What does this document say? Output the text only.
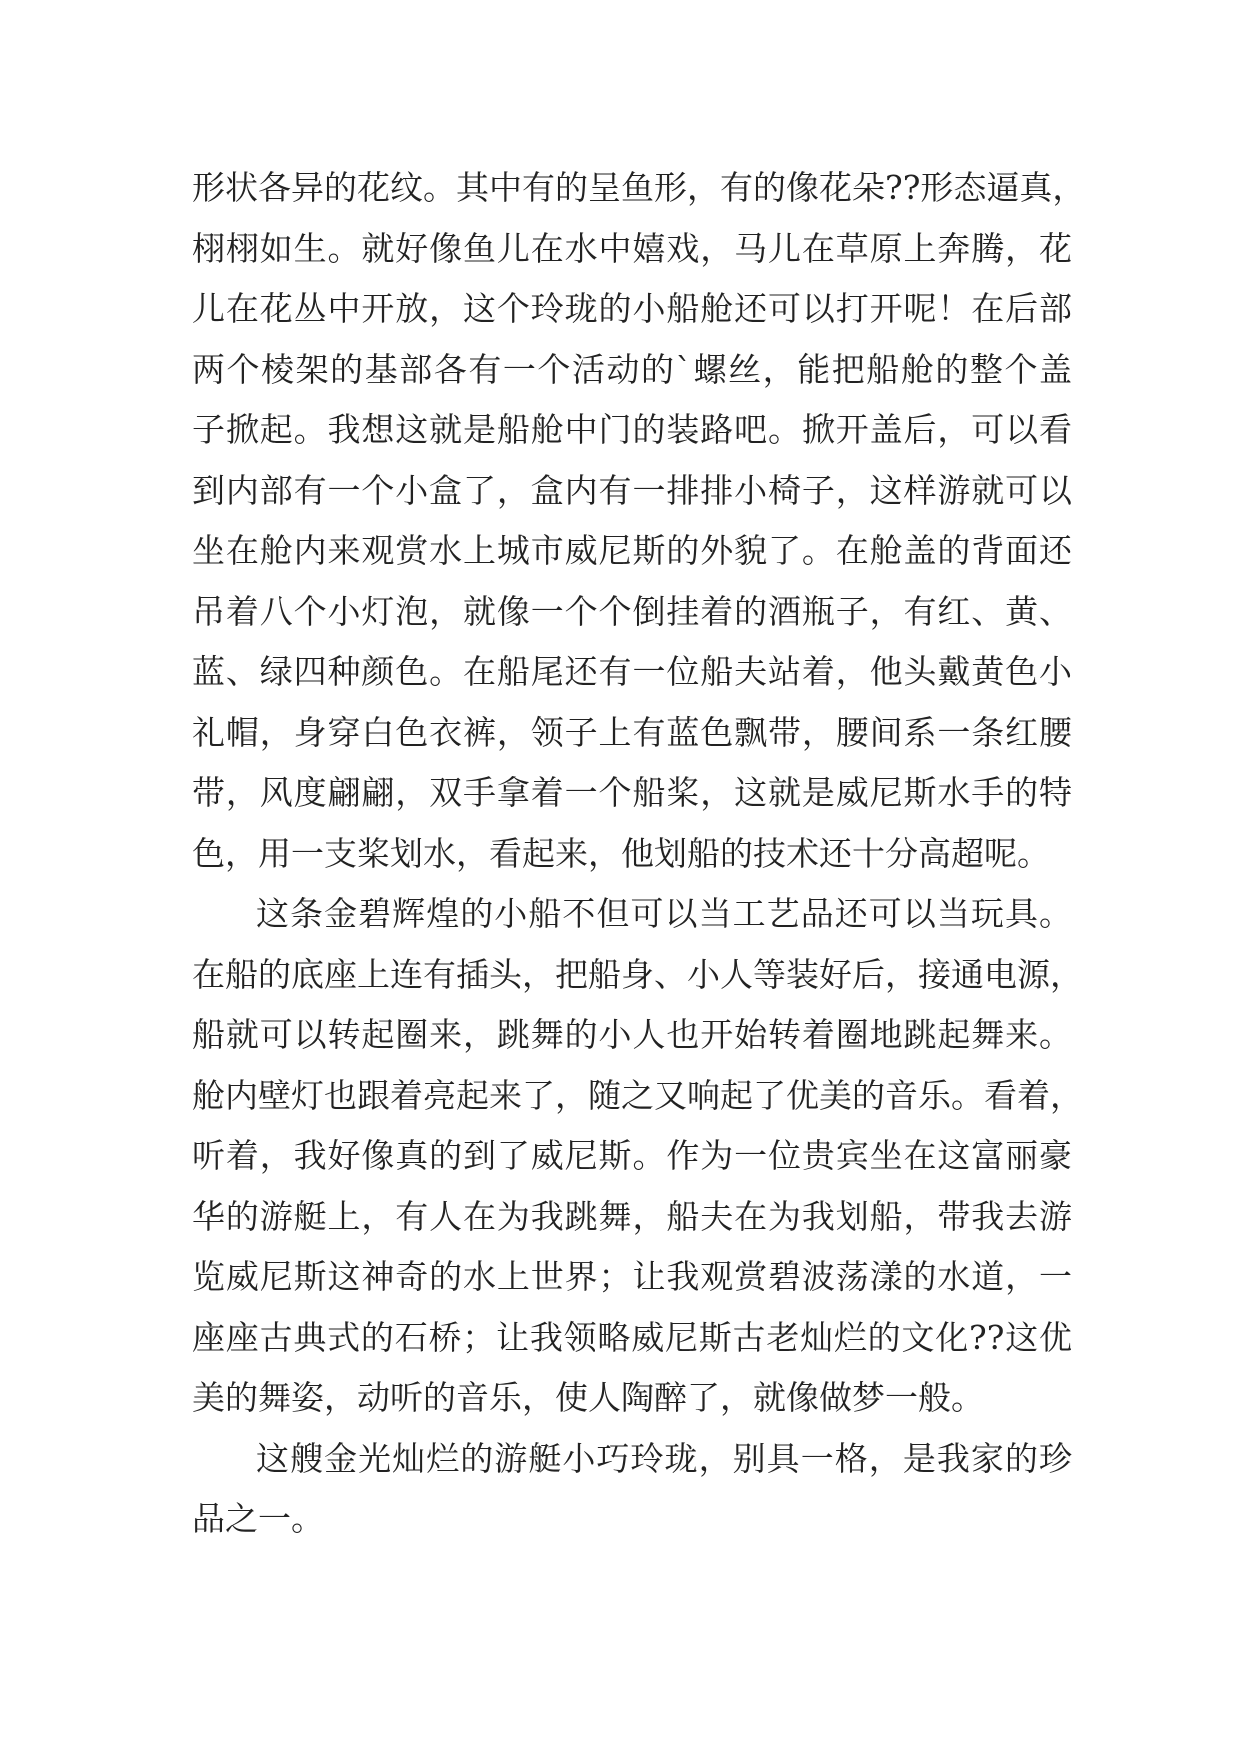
形状各异的花纹。其中有的呈鱼形，有的像花朵??形态逼真，
栩栩如生。就好像鱼儿在水中嬉戏，马儿在草原上奔腾，花
儿在花丛中开放，这个玲珑的小船舱还可以打开呢！在后部
两个棱架的基部各有一个活动的`螺丝，能把船舱的整个盖
子掀起。我想这就是船舱中门的装路吧。掀开盖后，可以看
到内部有一个小盒了，盒内有一排排小椅子，这样游就可以
坐在舱内来观赏水上城市威尼斯的外貌了。在舱盖的背面还
吊着八个小灯泡，就像一个个倒挂着的酒瓶子，有红、黄、
蓝、绿四种颜色。在船尾还有一位船夫站着，他头戴黄色小
礼帽，身穿白色衣裤，领子上有蓝色飘带，腰间系一条红腰
带，风度翩翩，双手拿着一个船桨，这就是威尼斯水手的特
色，用一支桨划水，看起来，他划船的技术还十分高超呢。
这条金碧辉煌的小船不但可以当工艺品还可以当玩具。
在船的底座上连有插头，把船身、小人等装好后，接通电源，
船就可以转起圈来，跳舞的小人也开始转着圈地跳起舞来。
舱内壁灯也跟着亮起来了，随之又响起了优美的音乐。看着，
听着，我好像真的到了威尼斯。作为一位贵宾坐在这富丽豪
华的游艇上，有人在为我跳舞，船夫在为我划船，带我去游
览威尼斯这神奇的水上世界；让我观赏碧波荡漾的水道，一
座座古典式的石桥；让我领略威尼斯古老灿烂的文化??这优
美的舞姿，动听的音乐，使人陶醉了，就像做梦一般。
这艘金光灿烂的游艇小巧玲珑，别具一格，是我家的珍
品之一。
